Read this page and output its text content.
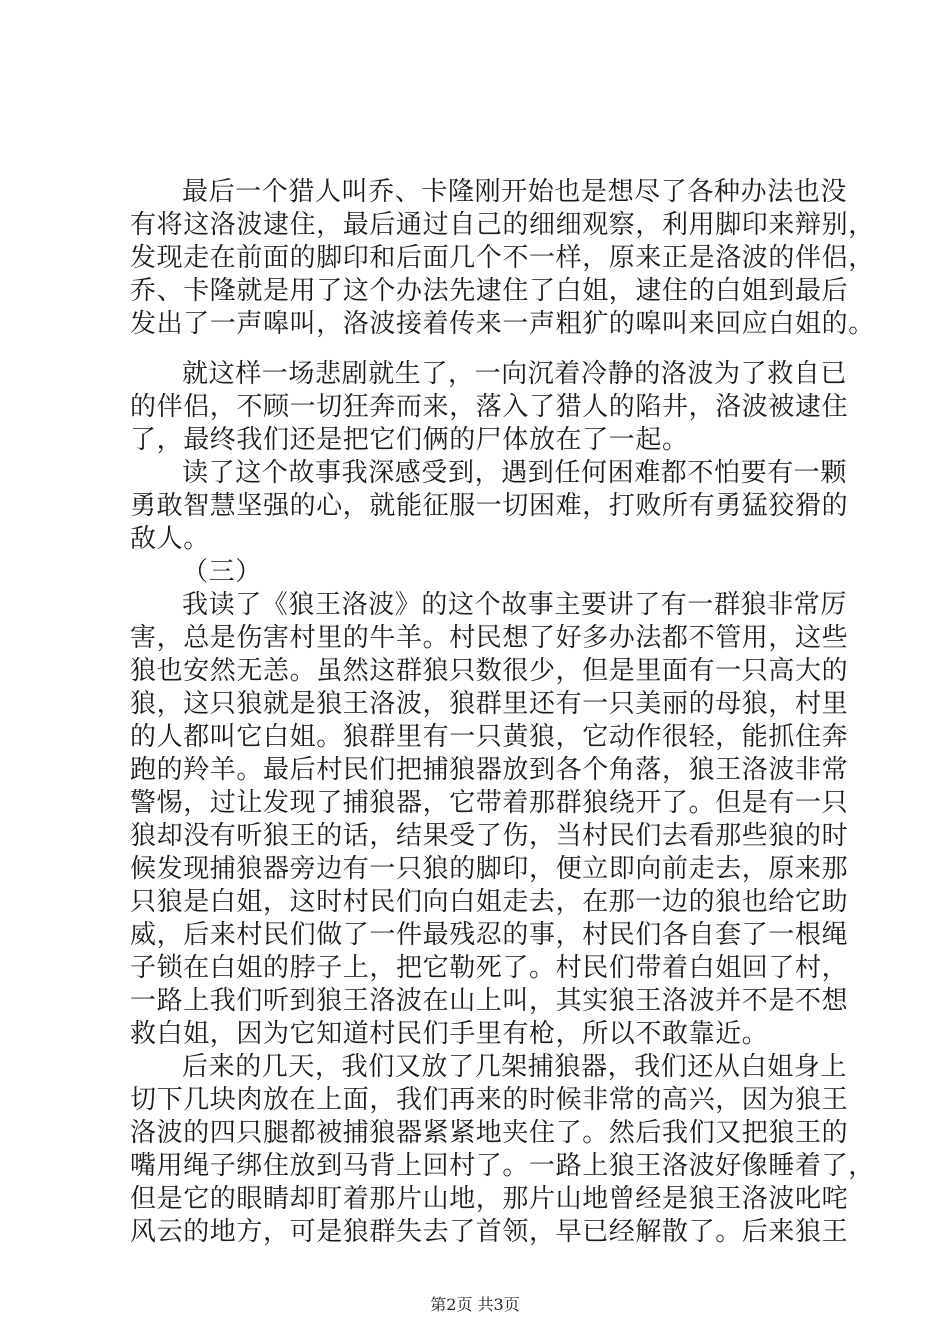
最后一个猎人叫乔、卡隆刚开始也是想尽了各种办法也没
有将这洛波逮住，最后通过自己的细细观察，利用脚印来辩别，
发现走在前面的脚印和后面几个不一样，原来正是洛波的伴侣，
乔、卡隆就是用了这个办法先逮住了白姐，逮住的白姐到最后
发出了一声嗥叫，洛波接着传来一声粗犷的嗥叫来回应白姐的。
就这样一场悲剧就生了，一向沉着冷静的洛波为了救自已
的伴侣，不顾一切狂奔而来，落入了猎人的陷井，洛波被逮住
了，最终我们还是把它们俩的尸体放在了一起。
读了这个故事我深感受到，遇到任何困难都不怕要有一颗
勇敢智慧坚强的心，就能征服一切困难，打败所有勇猛狡猾的
敌人。
（三）
我读了《狼王洛波》的这个故事主要讲了有一群狼非常厉
害，总是伤害村里的牛羊。村民想了好多办法都不管用，这些
狼也安然无恙。虽然这群狼只数很少，但是里面有一只高大的
狼，这只狼就是狼王洛波，狼群里还有一只美丽的母狼，村里
的人都叫它白姐。狼群里有一只黄狼，它动作很轻，能抓住奔
跑的羚羊。最后村民们把捕狼器放到各个角落，狼王洛波非常
警惕，过让发现了捕狼器，它带着那群狼绕开了。但是有一只
狼却没有听狼王的话，结果受了伤，当村民们去看那些狼的时
候发现捕狼器旁边有一只狼的脚印，便立即向前走去，原来那
只狼是白姐，这时村民们向白姐走去，在那一边的狼也给它助
威，后来村民们做了一件最残忍的事，村民们各自套了一根绳
子锁在白姐的脖子上，把它勒死了。村民们带着白姐回了村，
一路上我们听到狼王洛波在山上叫，其实狼王洛波并不是不想
救白姐，因为它知道村民们手里有枪，所以不敢靠近。
后来的几天，我们又放了几架捕狼器，我们还从白姐身上
切下几块肉放在上面，我们再来的时候非常的高兴，因为狼王
洛波的四只腿都被捕狼器紧紧地夹住了。然后我们又把狼王的
嘴用绳子绑住放到马背上回村了。一路上狼王洛波好像睡着了，
但是它的眼睛却盯着那片山地，那片山地曾经是狼王洛波叱咤
风云的地方，可是狼群失去了首领，早已经解散了。后来狼王
第2页 共3页
